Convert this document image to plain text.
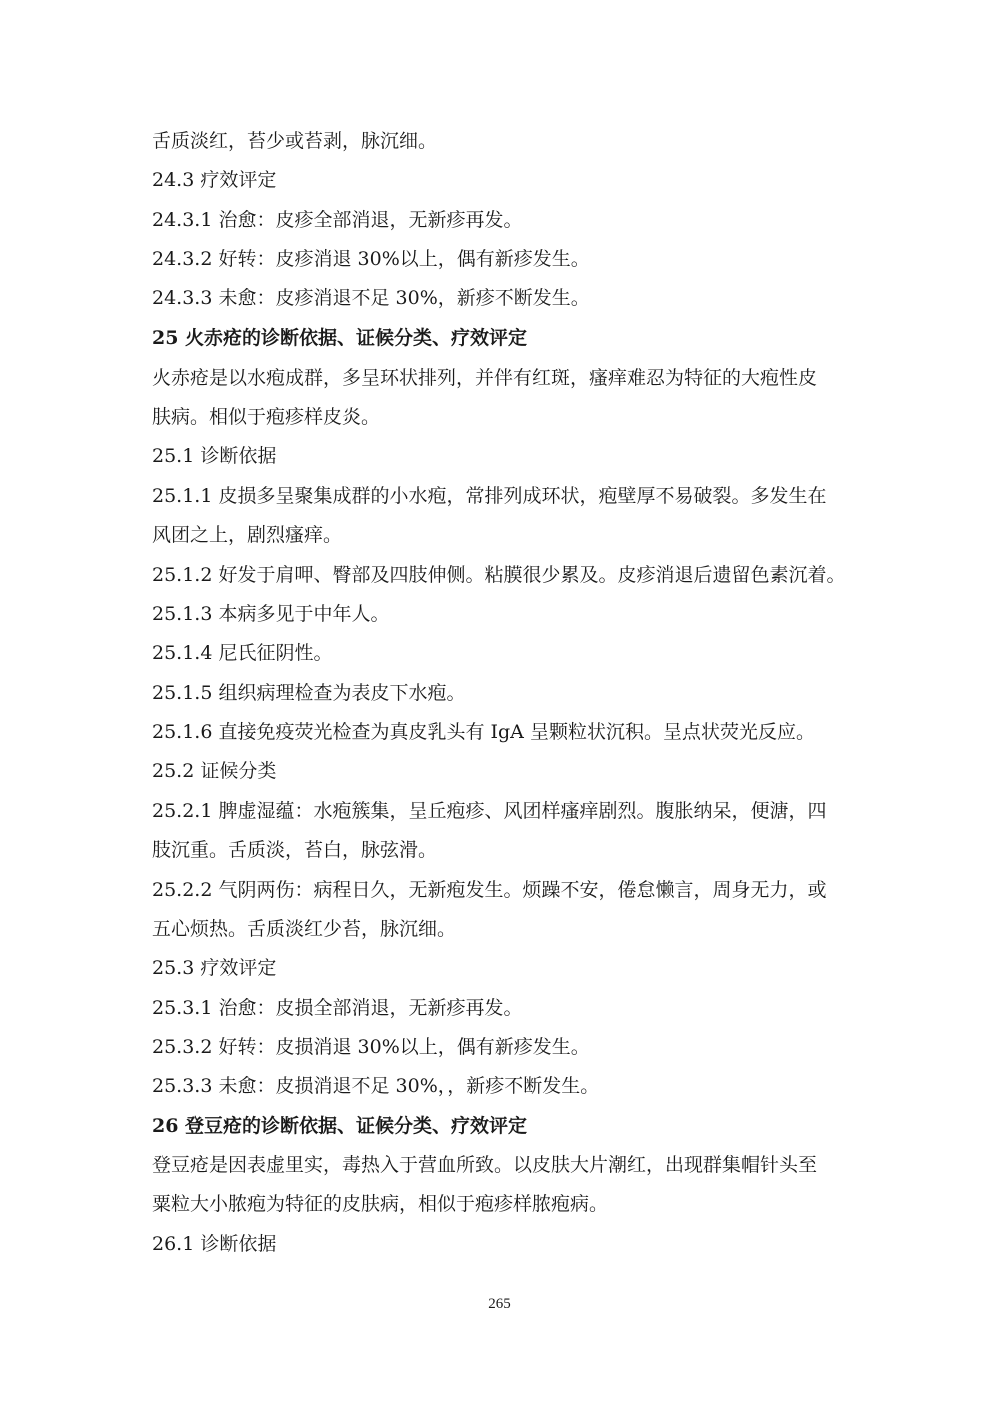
舌质淡红，苔少或苔剥，脉沉细。
24.3 疗效评定
24.3.1 治愈：皮疹全部消退，无新疹再发。
24.3.2 好转：皮疹消退 30%以上，偶有新疹发生。
24.3.3 未愈：皮疹消退不足 30%，新疹不断发生。
25 火赤疮的诊断依据、证候分类、疗效评定
火赤疮是以水疱成群，多呈环状排列，并伴有红斑，瘙痒难忍为特征的大疱性皮
肤病。相似于疱疹样皮炎。
25.1 诊断依据
25.1.1 皮损多呈聚集成群的小水疱，常排列成环状，疱壁厚不易破裂。多发生在
风团之上，剧烈瘙痒。
25.1.2 好发于肩呷、臀部及四肢伸侧。粘膜很少累及。皮疹消退后遗留色素沉着。
25.1.3 本病多见于中年人。
25.1.4 尼氏征阴性。
25.1.5 组织病理检查为表皮下水疱。
25.1.6 直接免疫荧光检查为真皮乳头有 IgA 呈颗粒状沉积。呈点状荧光反应。
25.2 证候分类
25.2.1 脾虚湿蕴：水疱簇集，呈丘疱疹、风团样瘙痒剧烈。腹胀纳呆，便溏，四
肢沉重。舌质淡，苔白，脉弦滑。
25.2.2 气阴两伤：病程日久，无新疱发生。烦躁不安，倦怠懒言，周身无力，或
五心烦热。舌质淡红少苔，脉沉细。
25.3 疗效评定
25.3.1 治愈：皮损全部消退，无新疹再发。
25.3.2 好转：皮损消退 30%以上，偶有新疹发生。
25.3.3 未愈：皮损消退不足 30%，，新疹不断发生。
26 登豆疮的诊断依据、证候分类、疗效评定
登豆疮是因表虚里实，毒热入于营血所致。以皮肤大片潮红，出现群集帽针头至
粟粒大小脓疱为特征的皮肤病，相似于疱疹样脓疱病。
26.1 诊断依据
265
